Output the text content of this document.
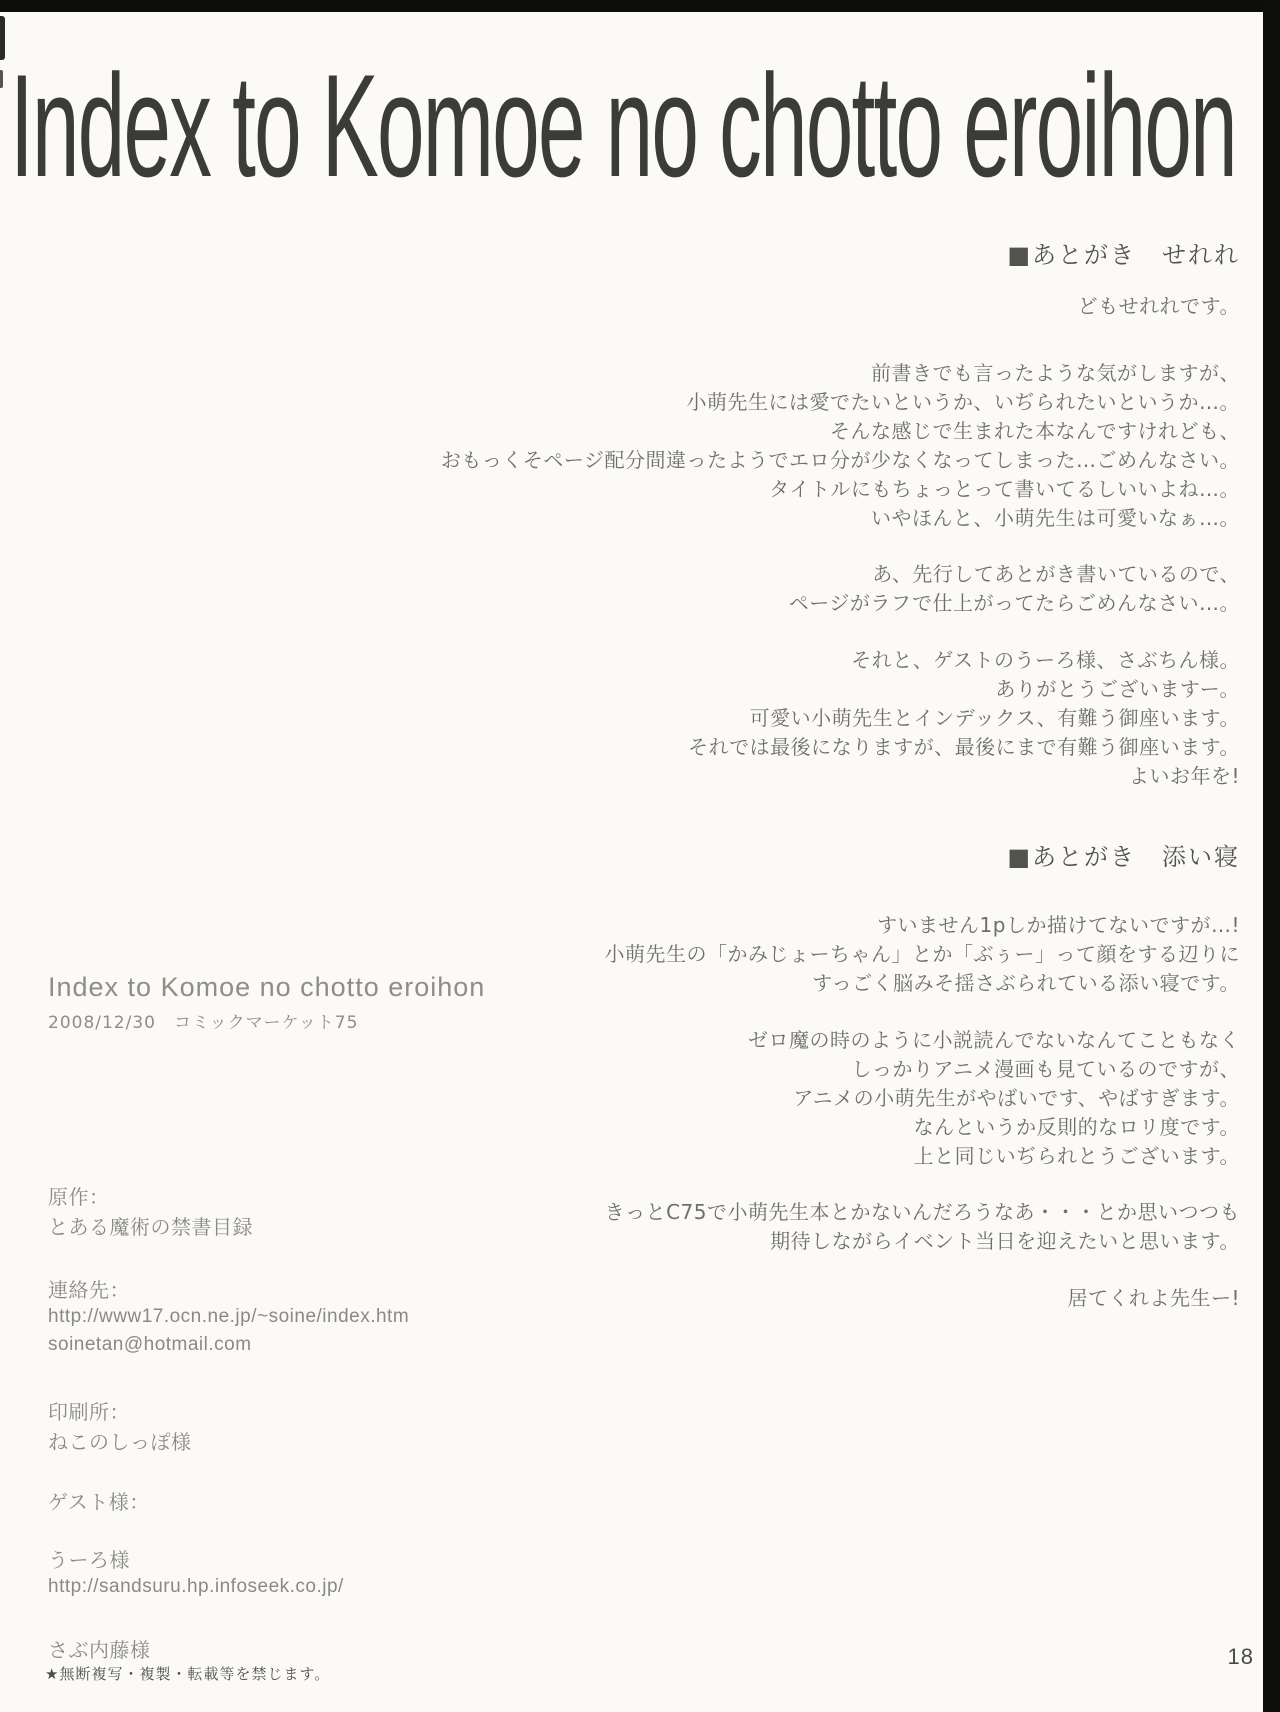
Index to Komoe no chotto eroihon
■あとがき　せれれ
どもせれれです。
前書きでも言ったような気がしますが、
小萌先生には愛でたいというか、いぢられたいというか…。
そんな感じで生まれた本なんですけれども、
おもっくそページ配分間違ったようでエロ分が少なくなってしまった…ごめんなさい。
タイトルにもちょっとって書いてるしいいよね…。
いやほんと、小萌先生は可愛いなぁ…。
あ、先行してあとがき書いているので、
ページがラフで仕上がってたらごめんなさい…。
それと、ゲストのうーろ様、さぶちん様。
ありがとうございますー。
可愛い小萌先生とインデックス、有難う御座います。
それでは最後になりますが、最後にまで有難う御座います。
よいお年を!
■あとがき　添い寝
すいません1pしか描けてないですが…!
小萌先生の「かみじょーちゃん」とか「ぶぅー」って顔をする辺りに
すっごく脳みそ揺さぶられている添い寝です。
ゼロ魔の時のように小説読んでないなんてこともなく
しっかりアニメ漫画も見ているのですが、
アニメの小萌先生がやばいです、やばすぎます。
なんというか反則的なロリ度です。
上と同じいぢられとうございます。
きっとC75で小萌先生本とかないんだろうなあ・・・とか思いつつも
期待しながらイベント当日を迎えたいと思います。
居てくれよ先生ー!
Index to Komoe no chotto eroihon
2008/12/30　コミックマーケット75
原作：
とある魔術の禁書目録
連絡先：
http://www17.ocn.ne.jp/~soine/index.htm
soinetan@hotmail.com
印刷所：
ねこのしっぽ様
ゲスト様：
うーろ様
http://sandsuru.hp.infoseek.co.jp/
さぶ内藤様
★無断複写・複製・転載等を禁じます。
18
